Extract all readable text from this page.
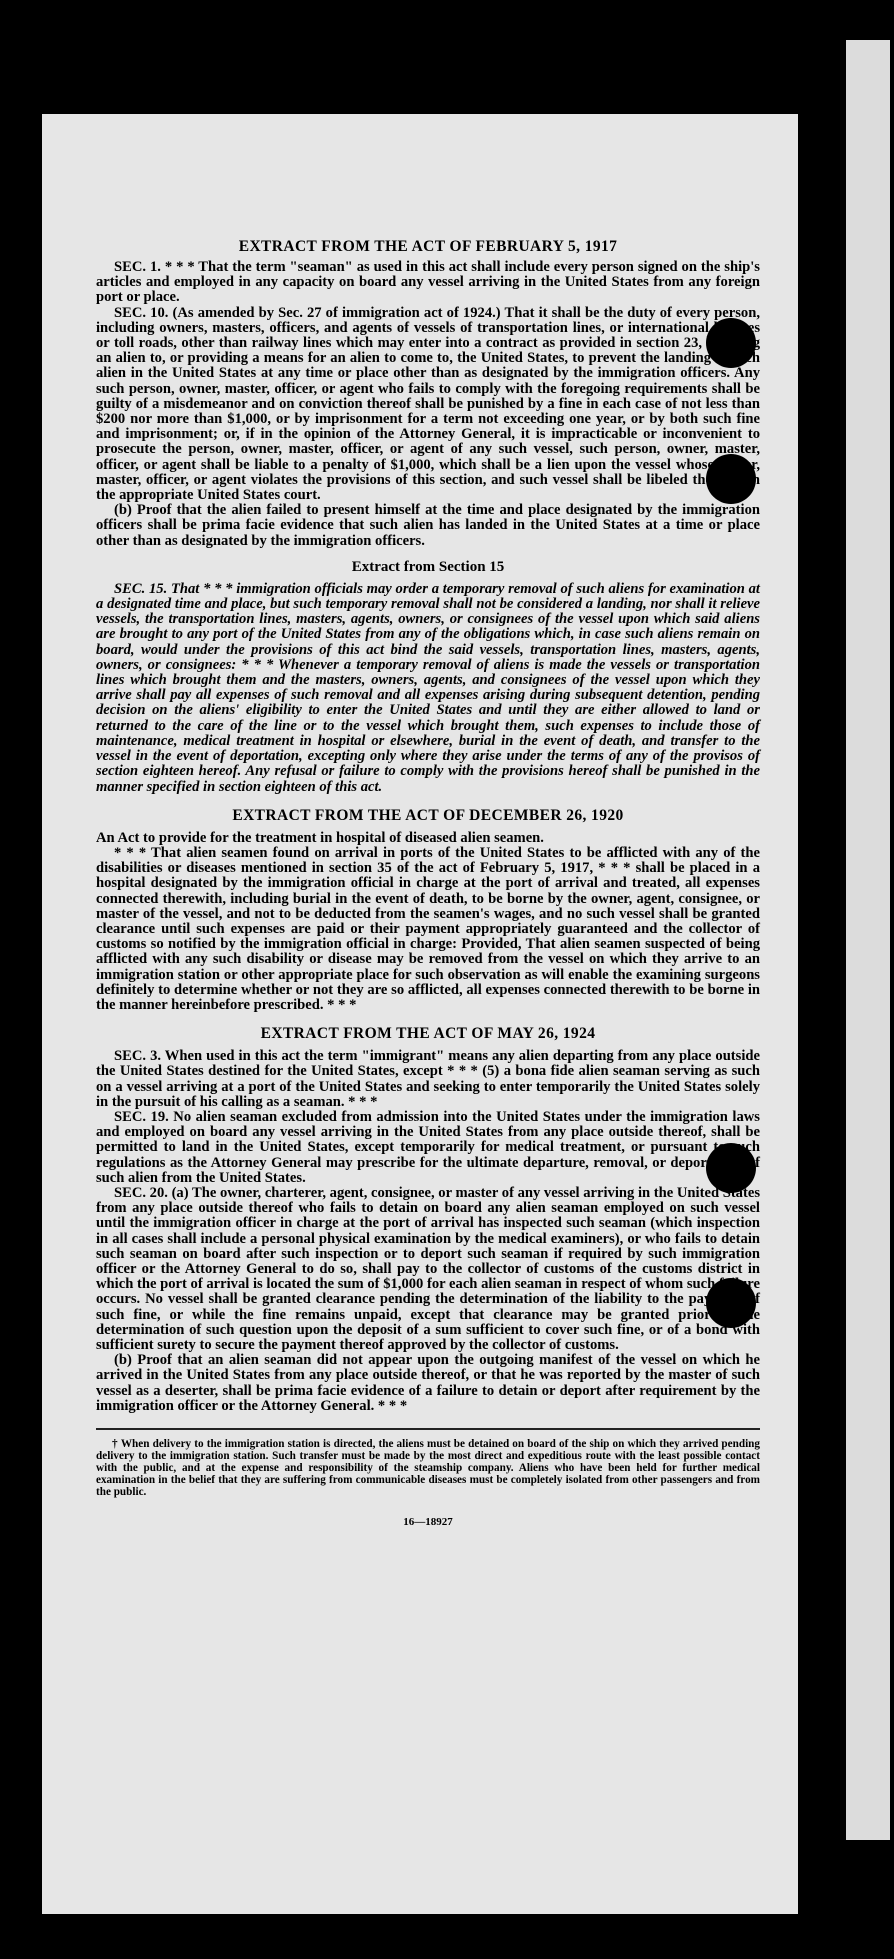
EXTRACT FROM THE ACT OF FEBRUARY 5, 1917

SEC. 1. * * * That the term "seaman" as used in this act shall include every person signed on the ship's articles and employed in any capacity on board any vessel arriving in the United States from any foreign port or place.

SEC. 10. (As amended by Sec. 27 of immigration act of 1924.) That it shall be the duty of every person, including owners, masters, officers, and agents of vessels of transportation lines, or international bridges or toll roads, other than railway lines which may enter into a contract as provided in section 23, bringing an alien to, or providing a means for an alien to come to, the United States, to prevent the landing of such alien in the United States at any time or place other than as designated by the immigration officers. Any such person, owner, master, officer, or agent who fails to comply with the foregoing requirements shall be guilty of a misdemeanor and on conviction thereof shall be punished by a fine in each case of not less than $200 nor more than $1,000, or by imprisonment for a term not exceeding one year, or by both such fine and imprisonment; or, if in the opinion of the Attorney General, it is impracticable or inconvenient to prosecute the person, owner, master, officer, or agent of any such vessel, such person, owner, master, officer, or agent shall be liable to a penalty of $1,000, which shall be a lien upon the vessel whose owner, master, officer, or agent violates the provisions of this section, and such vessel shall be libeled therefor in the appropriate United States court.

(b) Proof that the alien failed to present himself at the time and place designated by the immigration officers shall be prima facie evidence that such alien has landed in the United States at a time or place other than as designated by the immigration officers.

Extract from Section 15

SEC. 15. That * * * immigration officials may order a temporary removal of such aliens for examination at a designated time and place, but such temporary removal shall not be considered a landing, nor shall it relieve vessels, the transportation lines, masters, agents, owners, or consignees of the vessel upon which said aliens are brought to any port of the United States from any of the obligations which, in case such aliens remain on board, would under the provisions of this act bind the said vessels, transportation lines, masters, agents, owners, or consignees: * * * Whenever a temporary removal of aliens is made the vessels or transportation lines which brought them and the masters, owners, agents, and consignees of the vessel upon which they arrive shall pay all expenses of such removal and all expenses arising during subsequent detention, pending decision on the aliens' eligibility to enter the United States and until they are either allowed to land or returned to the care of the line or to the vessel which brought them, such expenses to include those of maintenance, medical treatment in hospital or elsewhere, burial in the event of death, and transfer to the vessel in the event of deportation, excepting only where they arise under the terms of any of the provisos of section eighteen hereof. Any refusal or failure to comply with the provisions hereof shall be punished in the manner specified in section eighteen of this act.

EXTRACT FROM THE ACT OF DECEMBER 26, 1920

An Act to provide for the treatment in hospital of diseased alien seamen.

* * * That alien seamen found on arrival in ports of the United States to be afflicted with any of the disabilities or diseases mentioned in section 35 of the act of February 5, 1917, * * * shall be placed in a hospital designated by the immigration official in charge at the port of arrival and treated, all expenses connected therewith, including burial in the event of death, to be borne by the owner, agent, consignee, or master of the vessel, and not to be deducted from the seamen's wages, and no such vessel shall be granted clearance until such expenses are paid or their payment appropriately guaranteed and the collector of customs so notified by the immigration official in charge: Provided, That alien seamen suspected of being afflicted with any such disability or disease may be removed from the vessel on which they arrive to an immigration station or other appropriate place for such observation as will enable the examining surgeons definitely to determine whether or not they are so afflicted, all expenses connected therewith to be borne in the manner hereinbefore prescribed. * * *

EXTRACT FROM THE ACT OF MAY 26, 1924

SEC. 3. When used in this act the term "immigrant" means any alien departing from any place outside the United States destined for the United States, except * * * (5) a bona fide alien seaman serving as such on a vessel arriving at a port of the United States and seeking to enter temporarily the United States solely in the pursuit of his calling as a seaman. * * *

SEC. 19. No alien seaman excluded from admission into the United States under the immigration laws and employed on board any vessel arriving in the United States from any place outside thereof, shall be permitted to land in the United States, except temporarily for medical treatment, or pursuant to such regulations as the Attorney General may prescribe for the ultimate departure, removal, or deportation of such alien from the United States.

SEC. 20. (a) The owner, charterer, agent, consignee, or master of any vessel arriving in the United States from any place outside thereof who fails to detain on board any alien seaman employed on such vessel until the immigration officer in charge at the port of arrival has inspected such seaman (which inspection in all cases shall include a personal physical examination by the medical examiners), or who fails to detain such seaman on board after such inspection or to deport such seaman if required by such immigration officer or the Attorney General to do so, shall pay to the collector of customs of the customs district in which the port of arrival is located the sum of $1,000 for each alien seaman in respect of whom such failure occurs. No vessel shall be granted clearance pending the determination of the liability to the payment of such fine, or while the fine remains unpaid, except that clearance may be granted prior to the determination of such question upon the deposit of a sum sufficient to cover such fine, or of a bond with sufficient surety to secure the payment thereof approved by the collector of customs.

(b) Proof that an alien seaman did not appear upon the outgoing manifest of the vessel on which he arrived in the United States from any place outside thereof, or that he was reported by the master of such vessel as a deserter, shall be prima facie evidence of a failure to detain or deport after requirement by the immigration officer or the Attorney General. * * *

† When delivery to the immigration station is directed, the aliens must be detained on board of the ship on which they arrived pending delivery to the immigration station. Such transfer must be made by the most direct and expeditious route with the least possible contact with the public, and at the expense and responsibility of the steamship company. Aliens who have been held for further medical examination in the belief that they are suffering from communicable diseases must be completely isolated from other passengers and from the public.

16—18927
